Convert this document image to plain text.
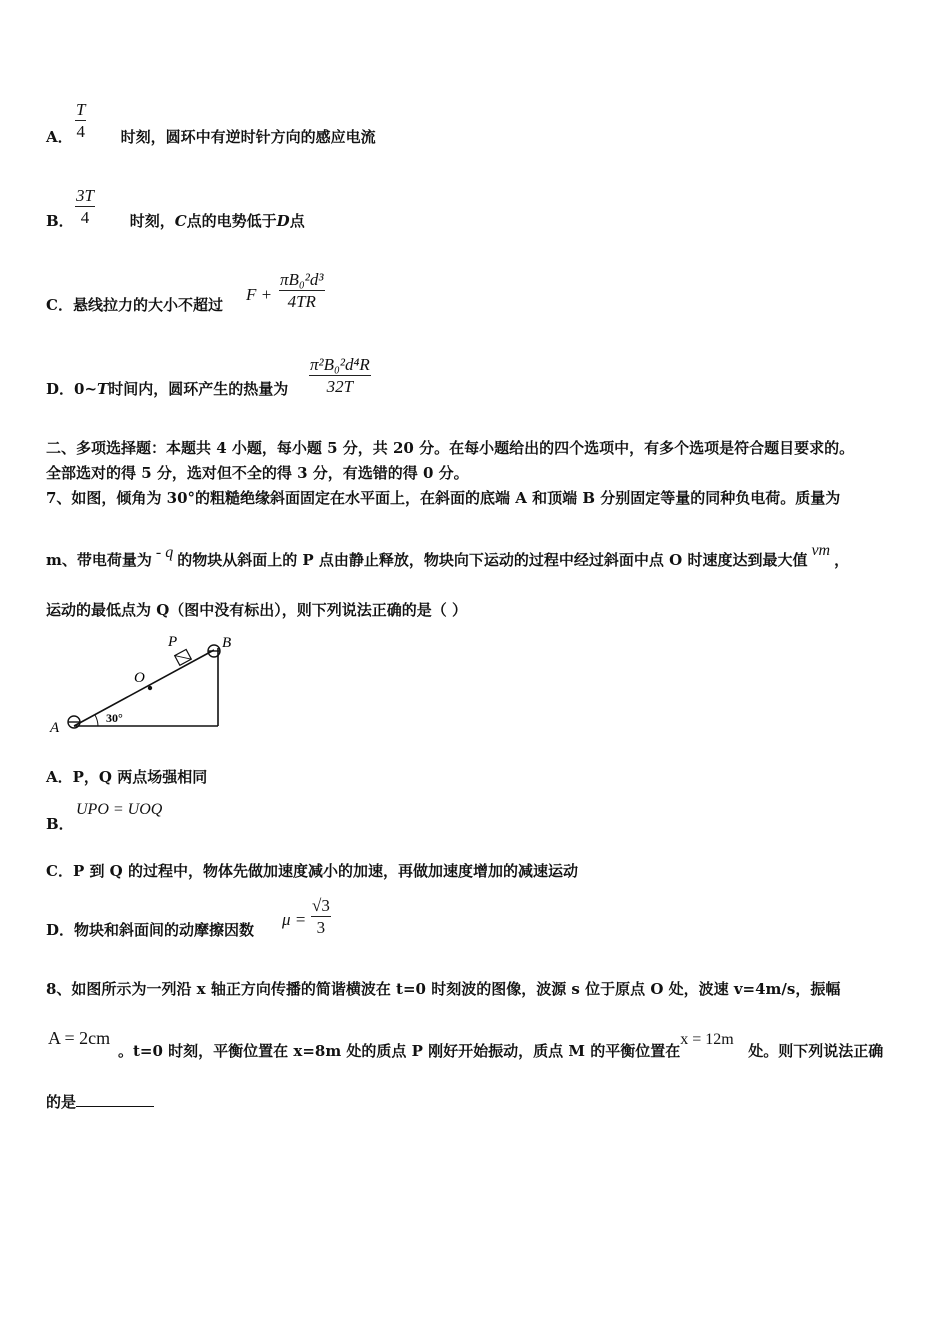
T
4
A．	时刻，圆环中有逆时针方向的感应电流
3T
4
B．	时刻，C点的电势低于D点
C．悬线拉力的大小不超过
F +
πB₀²d³
4TR
D．0~T时间内，圆环产生的热量为
π²B₀²d⁴R
32T
二、多项选择题：本题共 4 小题，每小题 5 分，共 20 分。在每小题给出的四个选项中，有多个选项是符合题目要求的。
全部选对的得 5 分，选对但不全的得 3 分，有选错的得 0 分。
7、如图，倾角为 30°的粗糙绝缘斜面固定在水平面上，在斜面的底端 A 和顶端 B 分别固定等量的同种负电荷。质量为
m、带电荷量为 - q 的物块从斜面上的 P 点由静止释放，物块向下运动的过程中经过斜面中点 O 时速度达到最大值vm，
运动的最低点为 Q（图中没有标出），则下列说法正确的是（ ）
P	B
O
A
30°
A．P，Q 两点场强相同
B．
UPO = UOQ
C．P 到 Q 的过程中，物体先做加速度减小的加速，再做加速度增加的减速运动
D．物块和斜面间的动摩擦因数
μ =
√3
3
8、如图所示为一列沿 x 轴正方向传播的简谐横波在 t=0 时刻波的图像，波源 s 位于原点 O 处，波速 v=4m/s，振幅
A = 2cm
。t=0 时刻，平衡位置在 x=8m 处的质点 P 刚好开始振动，质点 M 的平衡位置在x = 12m处。则下列说法正确
的是
